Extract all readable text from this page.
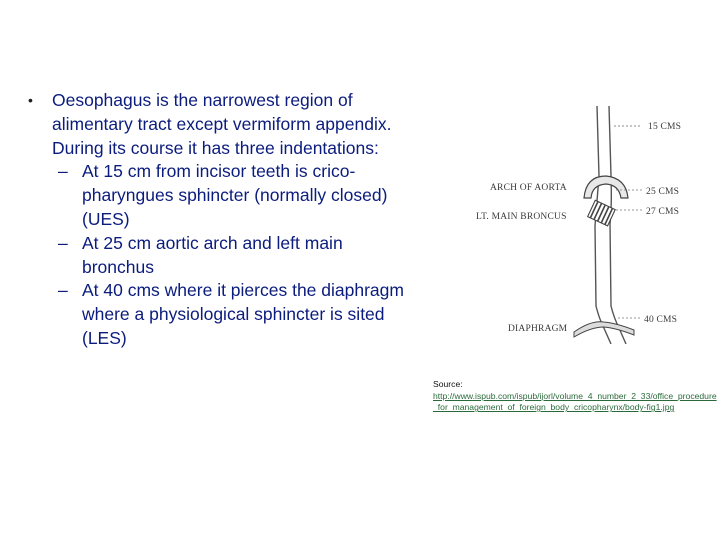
• Oesophagus is the narrowest region of alimentary tract except vermiform appendix. During its course it has three indentations:
– At 15 cm from incisor teeth is crico-pharyngues sphincter (normally closed) (UES)
– At 25 cm aortic arch and left main bronchus
– At 40 cms where it pierces the diaphragm where a physiological sphincter is sited (LES)
15 CMS
ARCH OF AORTA	25 CMS
LT. MAIN BRONCUS	27 CMS
DIAPHRAGM
40 CMS
Source:
http://www.ispub.com/ispub/ijorl/volume_4_number_2_33/office_procedure_for_management_of_foreign_body_cricopharynx/body-fig1.jpg
